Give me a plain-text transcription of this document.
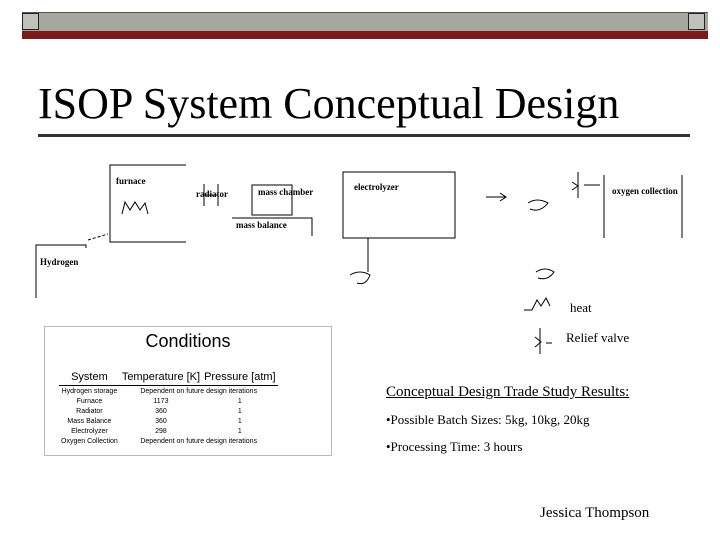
ISOP System Conceptual Design
furnace
radiator	mass chamber
mass balance
electrolyzer	oxygen collection
Hydrogen
heat
Relief valve
Conditions
System	Temperature [K]	Pressure [atm]
Hydrogen storage	Dependent on future design iterations	
Furnace	1173	1
Radiator	360	1
Mass Balance	360	1
Electrolyzer	298	1
Oxygen Collection	Dependent on future design iterations	
Conceptual Design Trade Study Results:
•Possible Batch Sizes: 5kg, 10kg, 20kg
•Processing Time: 3 hours
Jessica Thompson
